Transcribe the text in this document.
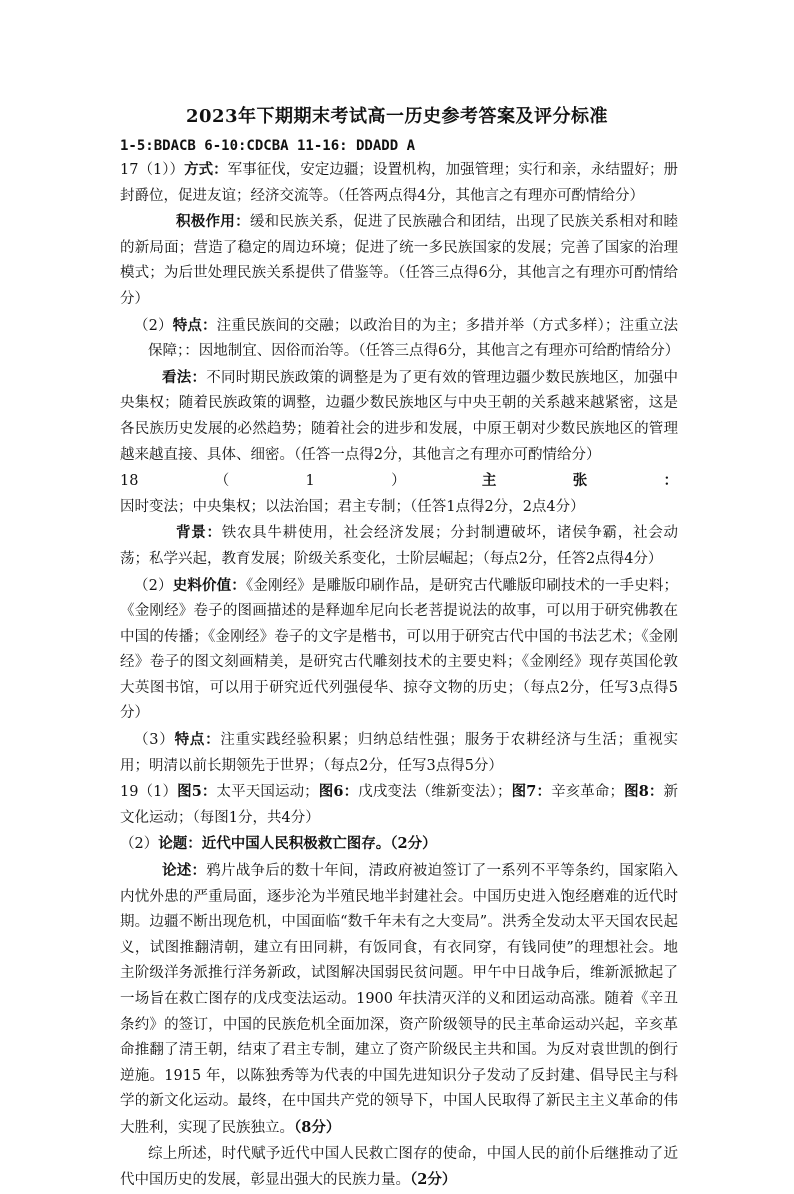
2023年下期期末考试高一历史参考答案及评分标准
1-5:BDACB 6-10:CDCBA 11-16: DDADD A

17（1））方式：军事征伐，安定边疆；设置机构，加强管理；实行和亲，永结盟好；册封爵位，促进友谊；经济交流等。（任答两点得4分，其他言之有理亦可酌情给分）

积极作用：缓和民族关系，促进了民族融合和团结，出现了民族关系相对和睦的新局面；营造了稳定的周边环境；促进了统一多民族国家的发展；完善了国家的治理模式；为后世处理民族关系提供了借鉴等。（任答三点得6分，其他言之有理亦可酌情给分）

（2）特点：注重民族间的交融；以政治目的为主；多措并举（方式多样）；注重立法保障；：因地制宜、因俗而治等。（任答三点得6分，其他言之有理亦可给酌情给分）

看法：不同时期民族政策的调整是为了更有效的管理边疆少数民族地区，加强中央集权；随着民族政策的调整，边疆少数民族地区与中央王朝的关系越来越紧密，这是各民族历史发展的必然趋势；随着社会的进步和发展，中原王朝对少数民族地区的管理越来越直接、具体、细密。（任答一点得2分，其他言之有理亦可酌情给分）

18（1）主张：因时变法；中央集权；以法治国；君主专制；（任答1点得2分，2点4分）

背景：铁农具牛耕使用，社会经济发展；分封制遭破坏，诸侯争霸，社会动荡；私学兴起，教育发展；阶级关系变化，士阶层崛起；（每点2分，任答2点得4分）

（2）史料价值：《金刚经》是雕版印刷作品，是研究古代雕版印刷技术的一手史料；《金刚经》卷子的图画描述的是释迦牟尼向长老菩提说法的故事，可以用于研究佛教在中国的传播；《金刚经》卷子的文字是楷书，可以用于研究古代中国的书法艺术；《金刚经》卷子的图文刻画精美，是研究古代雕刻技术的主要史料；《金刚经》现存英国伦敦大英图书馆，可以用于研究近代列强侵华、掠夺文物的历史；（每点2分，任写3点得5分）

（3）特点：注重实践经验积累；归纳总结性强；服务于农耕经济与生活；重视实用；明清以前长期领先于世界；（每点2分，任写3点得5分）

19（1）图5：太平天国运动；图6：戊戌变法（维新变法）；图7：辛亥革命；图8：新文化运动；（每图1分，共4分）

（2）论题：近代中国人民积极救亡图存。（2分）

论述：鸦片战争后的数十年间，清政府被迫签订了一系列不平等条约，国家陷入内忧外患的严重局面，逐步沦为半殖民地半封建社会。中国历史进入饱经磨难的近代时期。边疆不断出现危机，中国面临“数千年未有之大变局”。洪秀全发动太平天国农民起义，试图推翻清朝，建立有田同耕，有饭同食，有衣同穿，有钱同使”的理想社会。地主阶级洋务派推行洋务新政，试图解决国弱民贫问题。甲午中日战争后，维新派掀起了一场旨在救亡图存的戊戌变法运动。1900 年扶清灭洋的义和团运动高涨。随着《辛丑条约》的签订，中国的民族危机全面加深，资产阶级领导的民主革命运动兴起，辛亥革命推翻了清王朝，结束了君主专制，建立了资产阶级民主共和国。为反对袁世凯的倒行逆施。1915 年，以陈独秀等为代表的中国先进知识分子发动了反封建、倡导民主与科学的新文化运动。最终，在中国共产党的领导下，中国人民取得了新民主主义革命的伟大胜利，实现了民族独立。（8分）

综上所述，时代赋予近代中国人民救亡图存的使命，中国人民的前仆后继推动了近代中国历史的发展，彰显出强大的民族力量。（2分）
